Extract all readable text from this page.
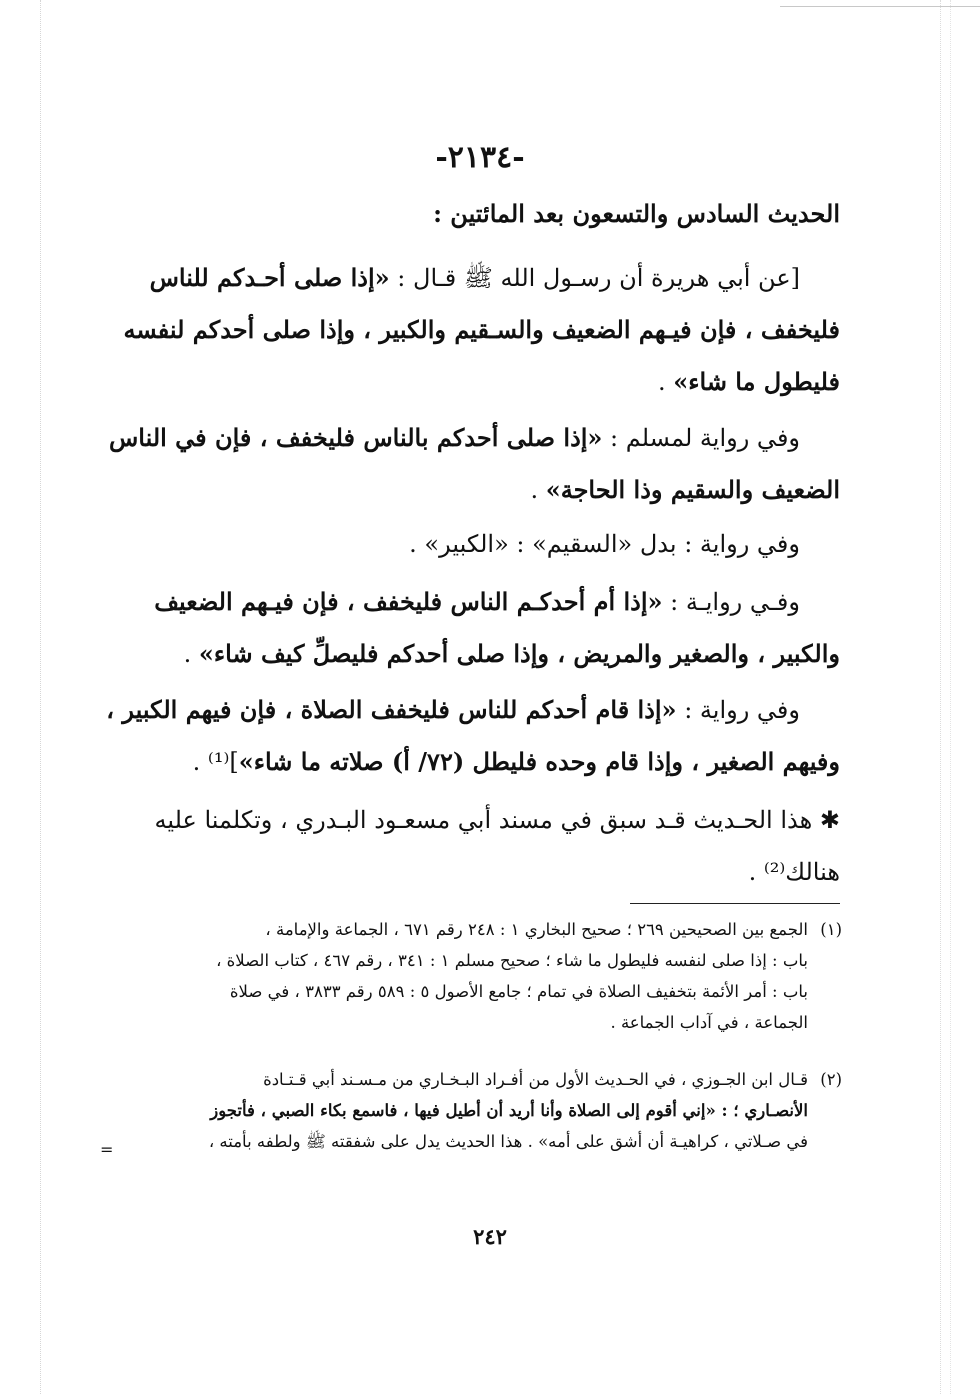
-٢١٣٤-
الحديث السادس والتسعون بعد المائتين :
[عن أبي هريرة أن رسـول الله ﷺ قـال : «إذا صلى أحـدكم للناس
فليخفف ، فإن فيـهم الضعيف والسـقيم والكبير ، وإذا صلى أحدكم لنفسه
فليطول ما شاء» .
وفي رواية لمسلم : «إذا صلى أحدكم بالناس فليخفف ، فإن في الناس
الضعيف والسقيم وذا الحاجة» .
وفي رواية : بدل «السقيم» : «الكبير» .
وفـي روايـة : «إذا أم أحدكـم الناس فليخفف ، فإن فيـهم الضعيف
والكبير ، والصغير والمريض ، وإذا صلى أحدكم فليصلِّ كيف شاء» .
وفي رواية : «إذا قام أحدكم للناس فليخفف الصلاة ، فإن فيهم الكبير ،
وفيهم الصغير ، وإذا قام وحده فليطل (٧٢/ أ) صلاته ما شاء»]⁽¹⁾ .
✱ هذا الحـديث قـد سبق في مسند أبي مسعـود البـدري ، وتكلمنا عليه
هنالك⁽²⁾ .
(١)الجمع بين الصحيحين ٢٦٩ ؛ صحيح البخاري ١ : ٢٤٨ رقم ٦٧١ ، الجماعة والإمامة ،
باب : إذا صلى لنفسه فليطول ما شاء ؛ صحيح مسلم ١ : ٣٤١ ، رقم ٤٦٧ ، كتاب الصلاة ،
باب : أمر الأئمة بتخفيف الصلاة في تمام ؛ جامع الأصول ٥ : ٥٨٩ رقم ٣٨٣٣ ، في صلاة
الجماعة ، في آداب الجماعة .
(٢)قـال ابن الجـوزي ، في الحـديث الأول من أفـراد البـخـاري من مـسـند أبي قـتـادة
الأنصـاري ؛ : «إني أقوم إلى الصلاة وأنا أريد أن أطيل فيها ، فاسمع بكاء الصبي ، فأتجوز
في صـلاتي ، كراهيـة أن أشق على أمه» . هذا الحديث يدل على شفقته ﷺ ولطفه بأمته ،
=
٢٤٢
